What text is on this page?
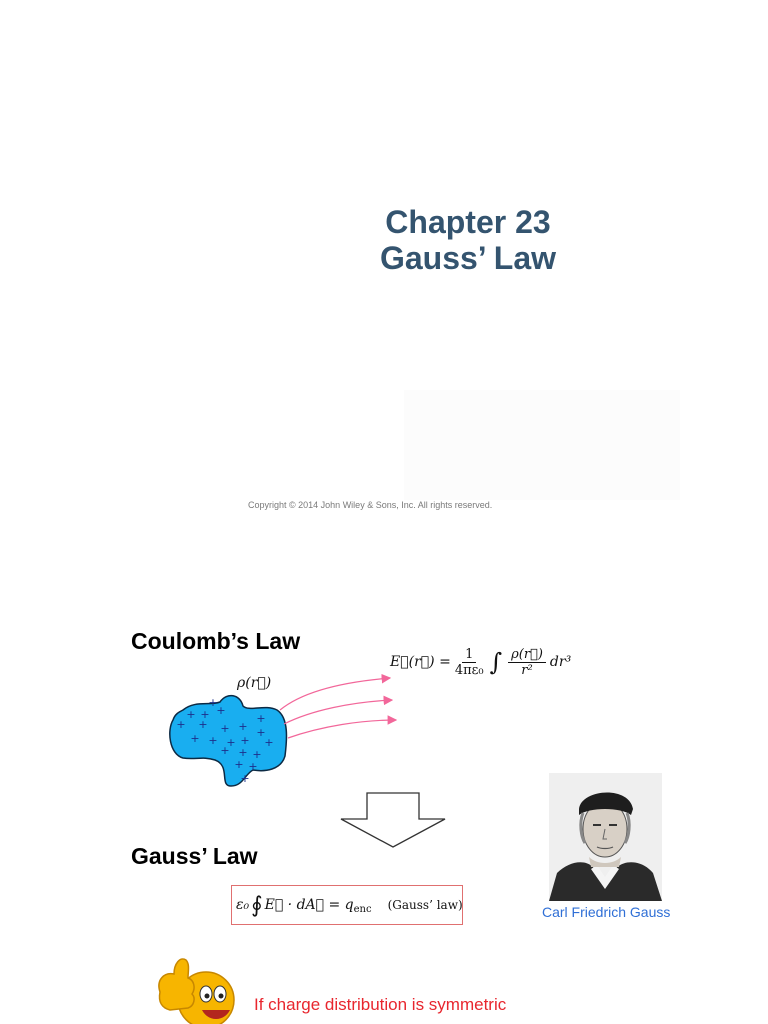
Chapter 23
Gauss’ Law
Copyright © 2014 John Wiley & Sons, Inc. All rights reserved.
Coulomb’s Law
ρ(r⃗)
E⃗(r⃗) = $\frac{1}{\text{4πε₀}}$ ∫ $\frac{\rho(r⃗)}{\text{r²}} dr^3$
+
+ + +
+
+ + + + +
+ + + + +
+ + +
+ +
+
Gauss’ Law
ε₀ ∮ E⃗ · dA⃗ = q enc (Gauss’ law)	Carl Friedrich Gauss
If charge distribution is symmetric
